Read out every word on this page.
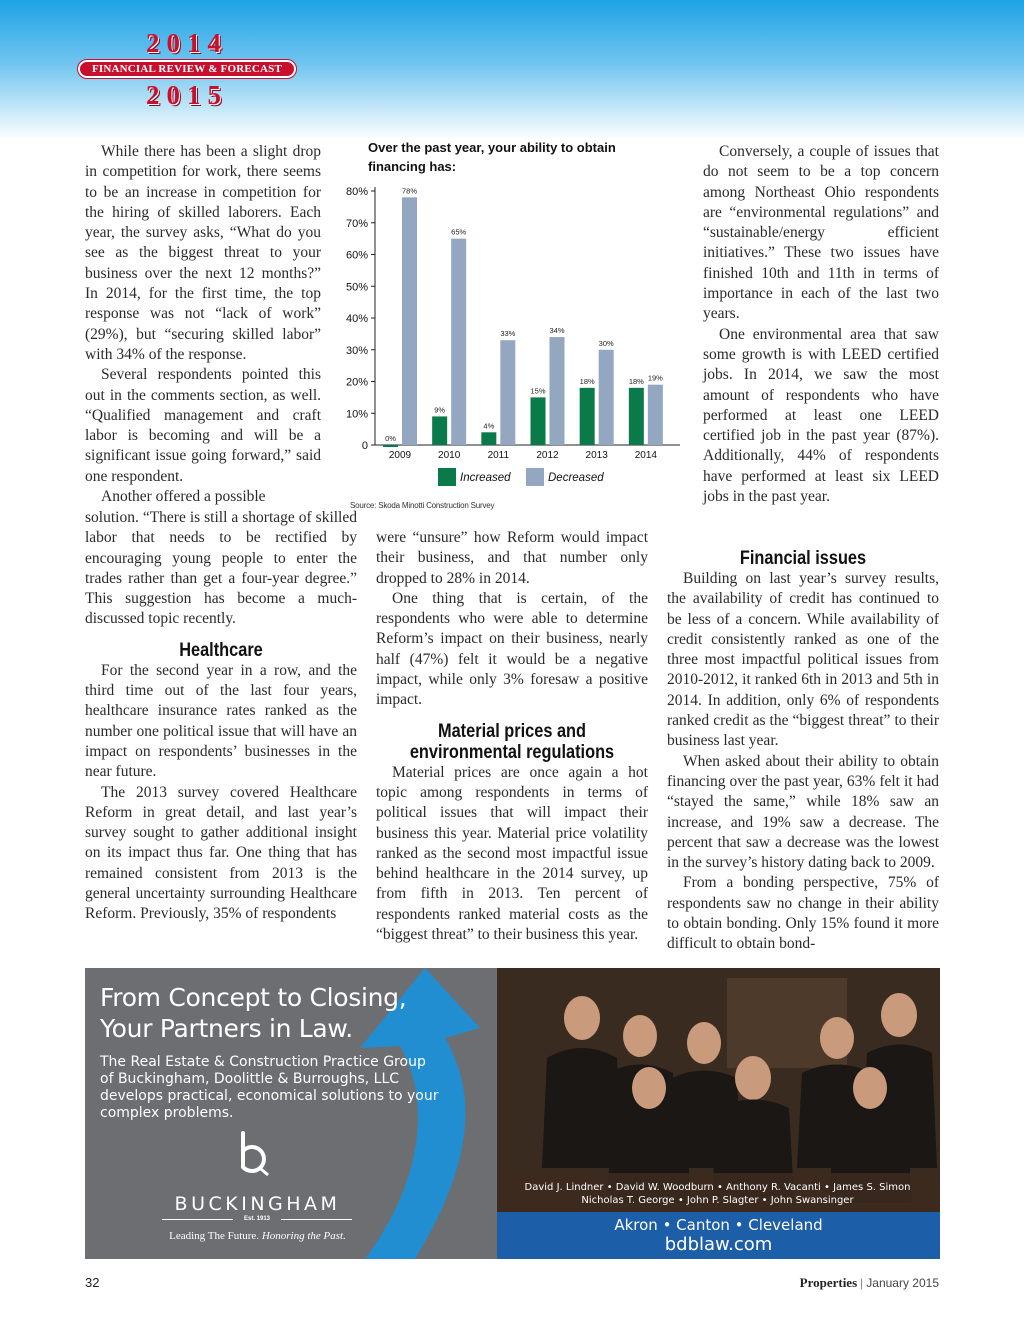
2014
FINANCIAL REVIEW & FORECAST
2015

While there has been a slight drop in competition for work, there seems to be an increase in competition for the hiring of skilled laborers. Each year, the survey asks, “What do you see as the biggest threat to your business over the next 12 months?” In 2014, for the first time, the top response was not “lack of work” (29%), but “securing skilled labor” with 34% of the response.

Several respondents pointed this out in the comments section, as well. “Qualified management and craft labor is becoming and will be a significant issue going forward,” said one respondent.

Another offered a possible

solution. “There is still a shortage of skilled labor that needs to be rectified by encouraging young people to enter the trades rather than get a four-year degree.” This suggestion has become a much-discussed topic recently.

Healthcare

For the second year in a row, and the third time out of the last four years, healthcare insurance rates ranked as the number one political issue that will have an impact on respondents’ businesses in the near future.

The 2013 survey covered Healthcare Reform in great detail, and last year’s survey sought to gather additional insight on its impact thus far. One thing that has remained consistent from 2013 is the general uncertainty surrounding Healthcare Reform. Previously, 35% of respondents

Over the past year, your ability to obtain financing has:
0
10%
20%
30%
40%
50%
60%
70%
80%
0%
78%
2009
9%
65%
2010
4%
33%
2011
15%
34%
2012
18%
30%
2013
18% 19%
2014
Increased	Decreased
Source: Skoda Minotti Construction Survey

were “unsure” how Reform would impact their business, and that number only dropped to 28% in 2014.

One thing that is certain, of the respondents who were able to determine Reform’s impact on their business, nearly half (47%) felt it would be a negative impact, while only 3% foresaw a positive impact.

Material prices and environmental regulations

Material prices are once again a hot topic among respondents in terms of political issues that will impact their business this year. Material price volatility ranked as the second most impactful issue behind healthcare in the 2014 survey, up from fifth in 2013. Ten percent of respondents ranked material costs as the “biggest threat” to their business this year.

Conversely, a couple of issues that do not seem to be a top concern among Northeast Ohio respondents are “environmental regulations” and “sustainable/energy efficient initiatives.” These two issues have finished 10th and 11th in terms of importance in each of the last two years.

One environmental area that saw some growth is with LEED certified jobs. In 2014, we saw the most amount of respondents who have performed at least one LEED certified job in the past year (87%). Additionally, 44% of respondents have performed at least six LEED jobs in the past year.

Financial issues

Building on last year’s survey results, the availability of credit has continued to be less of a concern. While availability of credit consistently ranked as one of the three most impactful political issues from 2010-2012, it ranked 6th in 2013 and 5th in 2014. In addition, only 6% of respondents ranked credit as the “biggest threat” to their business last year.

When asked about their ability to obtain financing over the past year, 63% felt it had “stayed the same,” while 18% saw an increase, and 19% saw a decrease. The percent that saw a decrease was the lowest in the survey’s history dating back to 2009.

From a bonding perspective, 75% of respondents saw no change in their ability to obtain bonding. Only 15% found it more difficult to obtain bond-

From Concept to Closing,
Your Partners in Law.
The Real Estate & Construction Practice Group of Buckingham, Doolittle & Burroughs, LLC develops practical, economical solutions to your complex problems.
BUCKINGHAM
Est. 1913
Leading The Future. Honoring the Past.
David J. Lindner • David W. Woodburn • Anthony R. Vacanti • James S. Simon
Nicholas T. George • John P. Slagter • John Swansinger
Akron • Canton • Cleveland
bdblaw.com
32	Properties | January 2015
